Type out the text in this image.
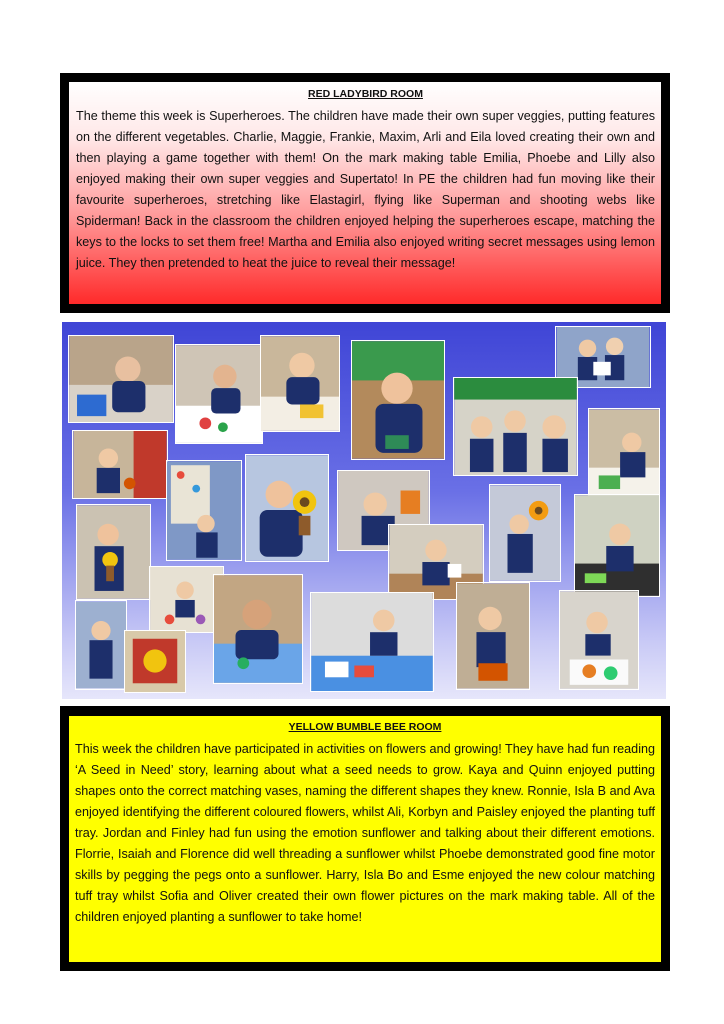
RED LADYBIRD ROOM

The theme this week is Superheroes. The children have made their own super veggies, putting features on the different vegetables. Charlie, Maggie, Frankie, Maxim, Arli and Eila loved creating their own and then playing a game together with them! On the mark making table Emilia, Phoebe and Lilly also enjoyed making their own super veggies and Supertato! In PE the children had fun moving like their favourite superheroes, stretching like Elastagirl, flying like Superman and shooting webs like Spiderman! Back in the classroom the children enjoyed helping the superheroes escape, matching the keys to the locks to set them free! Martha and Emilia also enjoyed writing secret messages using lemon juice. They then pretended to heat the juice to reveal their message!

YELLOW BUMBLE BEE ROOM

This week the children have participated in activities on flowers and growing! They have had fun reading ‘A Seed in Need’ story, learning about what a seed needs to grow. Kaya and Quinn enjoyed putting shapes onto the correct matching vases, naming the different shapes they knew. Ronnie, Isla B and Ava enjoyed identifying the different coloured flowers, whilst Ali, Korbyn and Paisley enjoyed the planting tuff tray. Jordan and Finley had fun using the emotion sunflower and talking about their different emotions. Florrie, Isaiah and Florence did well threading a sunflower whilst Phoebe demonstrated good fine motor skills by pegging the pegs onto a sunflower. Harry, Isla Bo and Esme enjoyed the new colour matching tuff tray whilst Sofia and Oliver created their own flower pictures on the mark making table. All of the children enjoyed planting a sunflower to take home!
